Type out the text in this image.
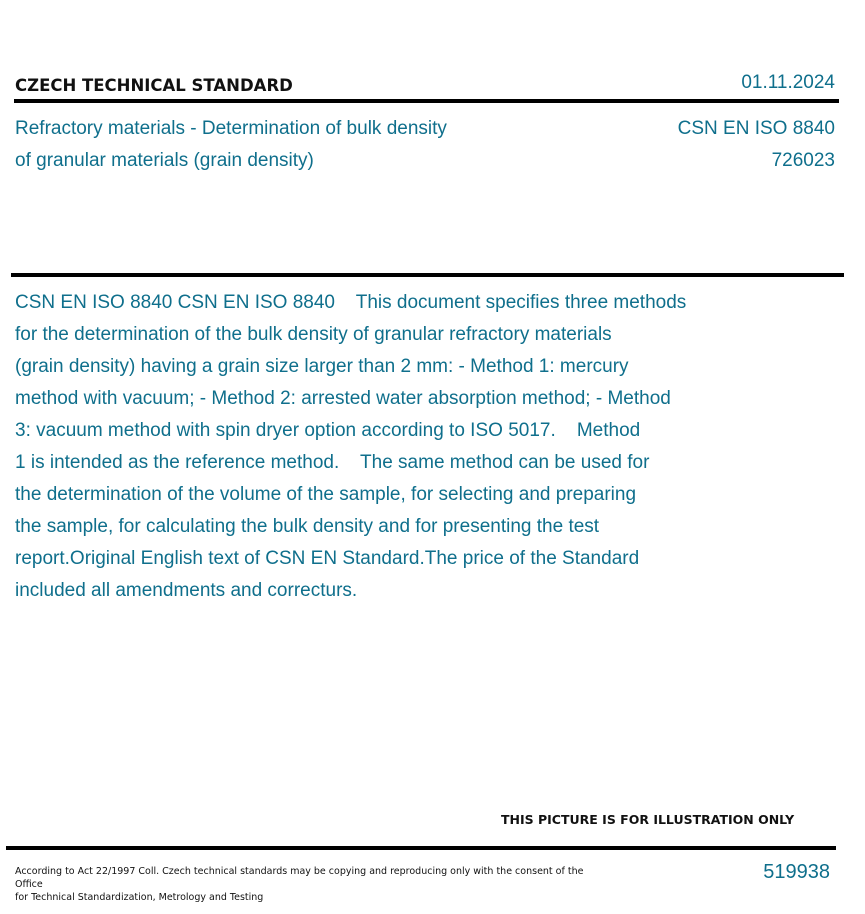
CZECH TECHNICAL STANDARD	01.11.2024
Refractory materials - Determination of bulk density
of granular materials (grain density)
CSN EN ISO 8840
726023
CSN EN ISO 8840 CSN EN ISO 8840    This document specifies three methods
for the determination of the bulk density of granular refractory materials
(grain density) having a grain size larger than 2 mm: - Method 1: mercury
method with vacuum; - Method 2: arrested water absorption method; - Method
3: vacuum method with spin dryer option according to ISO 5017.    Method
1 is intended as the reference method.    The same method can be used for
the determination of the volume of the sample, for selecting and preparing
the sample, for calculating the bulk density and for presenting the test
report.Original English text of CSN EN Standard.The price of the Standard
included all amendments and correcturs.
THIS PICTURE IS FOR ILLUSTRATION ONLY
According to Act 22/1997 Coll. Czech technical standards may be copying and reproducing only with the consent of the Office
for Technical Standardization, Metrology and Testing
519938
